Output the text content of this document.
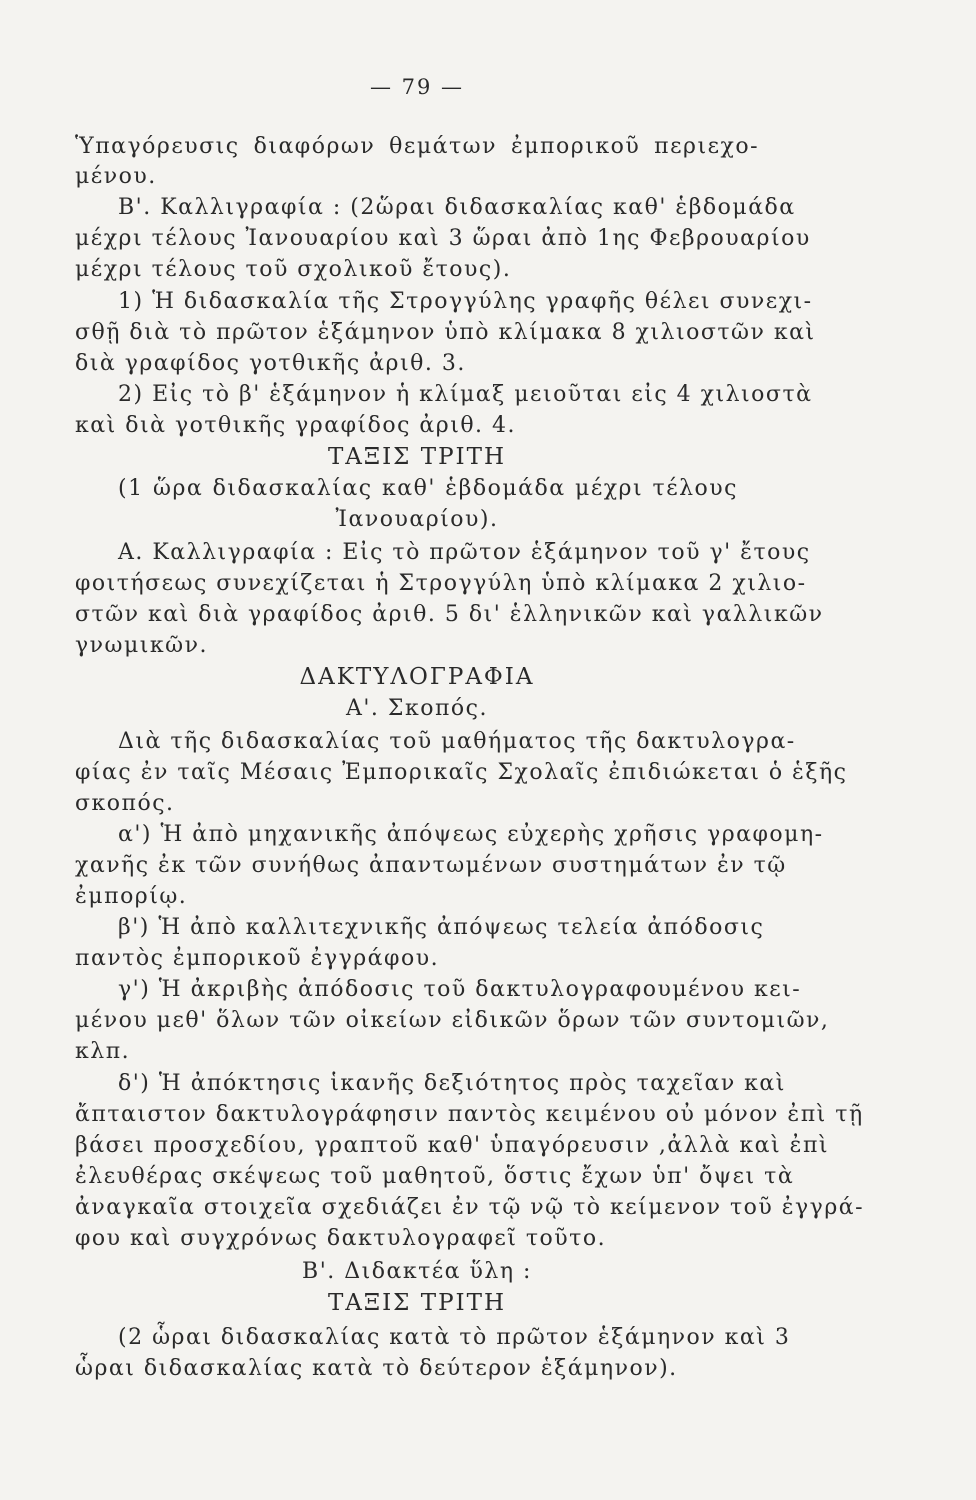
— 79 —
Ὑπαγόρευσις διαφόρων θεμάτων ἐμπορικοῦ περιεχο-
μένου.
Β'. Καλλιγραφία : (2ὥραι διδασκαλίας καθ' ἑβδομάδα
μέχρι τέλους Ἰανουαρίου καὶ 3 ὥραι ἀπὸ 1ης Φεβρουαρίου
μέχρι τέλους τοῦ σχολικοῦ ἔτους).
1) Ἡ διδασκαλία τῆς Στρογγύλης γραφῆς θέλει συνεχι-
σθῇ διὰ τὸ πρῶτον ἑξάμηνον ὑπὸ κλίμακα 8 χιλιοστῶν καὶ
διὰ γραφίδος γοτθικῆς ἀριθ. 3.
2) Εἰς τὸ β' ἑξάμηνον ἡ κλίμαξ μειοῦται εἰς 4 χιλιοστὰ
καὶ διὰ γοτθικῆς γραφίδος ἀριθ. 4.
ΤΑΞΙΣ ΤΡΙΤΗ
(1 ὥρα διδασκαλίας καθ' ἑβδομάδα μέχρι τέλους
Ἰανουαρίου).
Α. Καλλιγραφία : Εἰς τὸ πρῶτον ἑξάμηνον τοῦ γ' ἔτους
φοιτήσεως συνεχίζεται ἡ Στρογγύλη ὑπὸ κλίμακα 2 χιλιο-
στῶν καὶ διὰ γραφίδος ἀριθ. 5 δι' ἑλληνικῶν καὶ γαλλικῶν
γνωμικῶν.
ΔΑΚΤΥΛΟΓΡΑΦΙΑ
Α'. Σκοπός.
Διὰ τῆς διδασκαλίας τοῦ μαθήματος τῆς δακτυλογρα-
φίας ἐν ταῖς Μέσαις Ἐμπορικαῖς Σχολαῖς ἐπιδιώκεται ὁ ἑξῆς
σκοπός.
α') Ἡ ἀπὸ μηχανικῆς ἀπόψεως εὐχερὴς χρῆσις γραφομη-
χανῆς ἐκ τῶν συνήθως ἀπαντωμένων συστημάτων ἐν τῷ
ἐμπορίῳ.
β') Ἡ ἀπὸ καλλιτεχνικῆς ἀπόψεως τελεία ἀπόδοσις
παντὸς ἐμπορικοῦ ἐγγράφου.
γ') Ἡ ἀκριβὴς ἀπόδοσις τοῦ δακτυλογραφουμένου κει-
μένου μεθ' ὅλων τῶν οἰκείων εἰδικῶν ὅρων τῶν συντομιῶν,
κλπ.
δ') Ἡ ἀπόκτησις ἱκανῆς δεξιότητος πρὸς ταχεῖαν καὶ
ἄπταιστον δακτυλογράφησιν παντὸς κειμένου οὐ μόνον ἐπὶ τῇ
βάσει προσχεδίου, γραπτοῦ καθ' ὑπαγόρευσιν ,ἀλλὰ καὶ ἐπὶ
ἐλευθέρας σκέψεως τοῦ μαθητοῦ, ὅστις ἔχων ὑπ' ὄψει τὰ
ἀναγκαῖα στοιχεῖα σχεδιάζει ἐν τῷ νῷ τὸ κείμενον τοῦ ἐγγρά-
φου καὶ συγχρόνως δακτυλογραφεῖ τοῦτο.
Β'. Διδακτέα ὕλη :
ΤΑΞΙΣ ΤΡΙΤΗ
(2 ὧραι διδασκαλίας κατὰ τὸ πρῶτον ἑξάμηνον καὶ 3
ὧραι διδασκαλίας κατὰ τὸ δεύτερον ἑξάμηνον).
